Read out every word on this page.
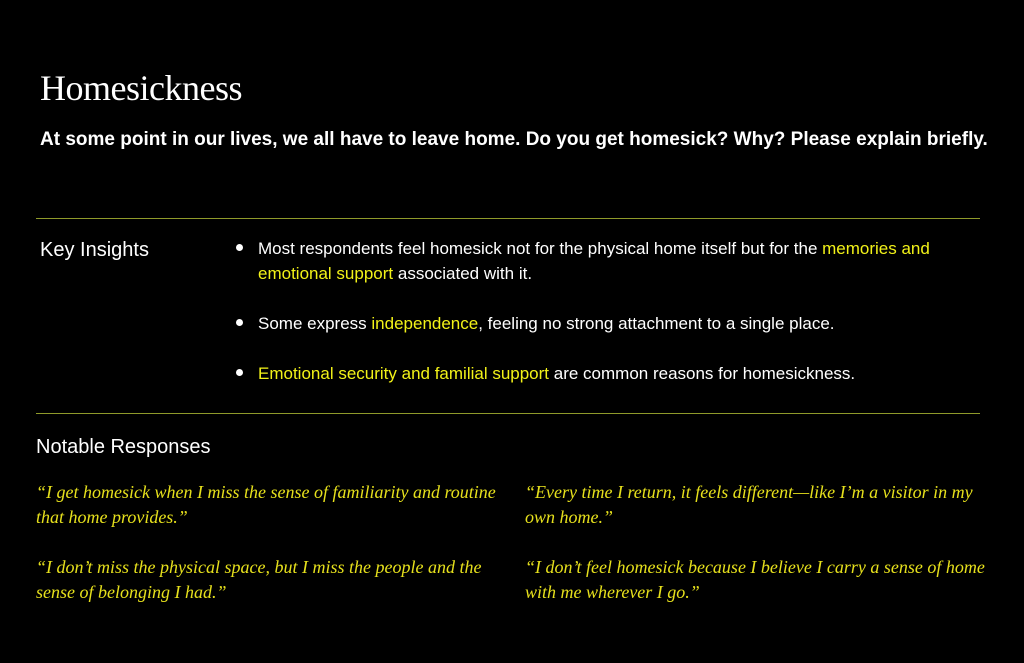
Homesickness

At some point in our lives, we all have to leave home. Do you get homesick? Why? Please explain briefly.

Key Insights	Most respondents feel homesick not for the physical home itself but for the memories and emotional support associated with it.
Some express independence, feeling no strong attachment to a single place.
Emotional security and familial support are common reasons for homesickness.
Notable Responses

“I get homesick when I miss the sense of familiarity and routine that home provides.”

“Every time I return, it feels different—like I’m a visitor in my own home.”

“I don’t miss the physical space, but I miss the people and the sense of belonging I had.”

“I don’t feel homesick because I believe I carry a sense of home with me wherever I go.”
